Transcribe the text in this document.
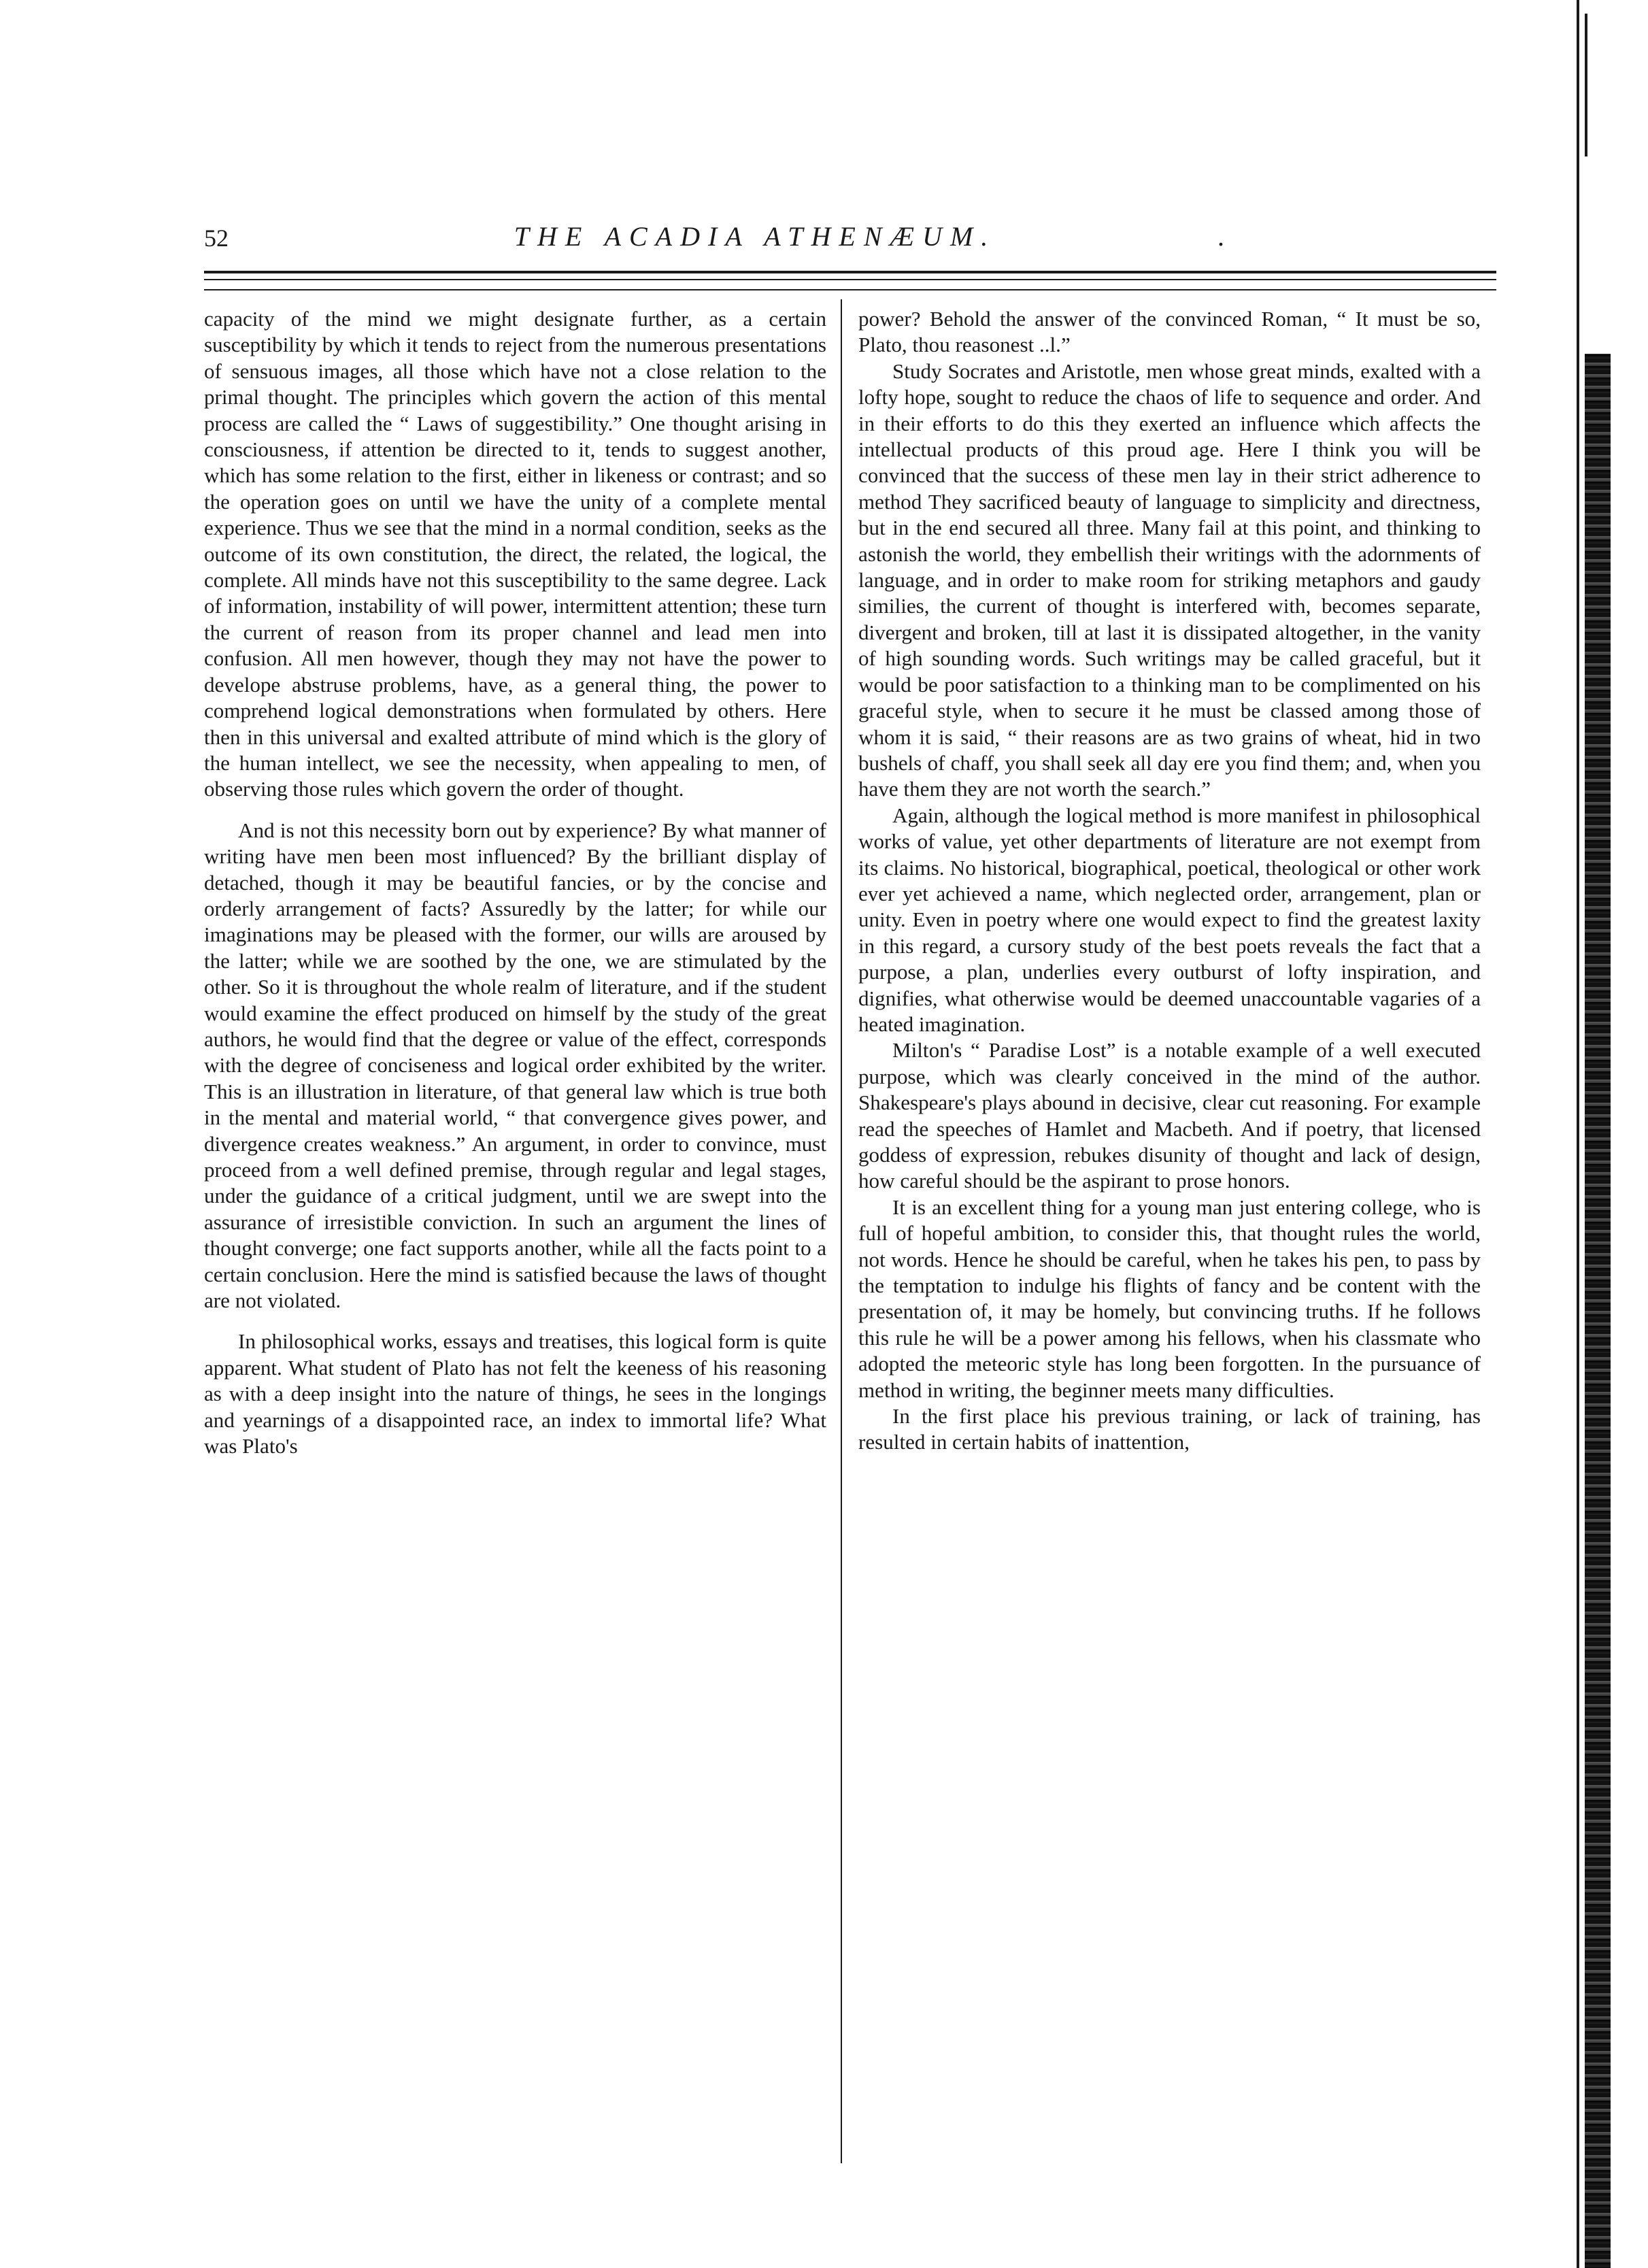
52	THE ACADIA ATHENÆUM.	.

capacity of the mind we might designate further, as a certain susceptibility by which it tends to reject from the numerous presentations of sensuous images, all those which have not a close relation to the primal thought. The principles which govern the action of this mental process are called the “ Laws of suggestibility.” One thought arising in consciousness, if attention be directed to it, tends to suggest another, which has some relation to the first, either in likeness or contrast; and so the operation goes on until we have the unity of a complete mental experience. Thus we see that the mind in a normal condition, seeks as the outcome of its own constitution, the direct, the related, the logical, the complete. All minds have not this susceptibility to the same degree. Lack of information, instability of will power, intermittent attention; these turn the current of reason from its proper channel and lead men into confusion. All men however, though they may not have the power to develope abstruse problems, have, as a general thing, the power to comprehend logical demonstrations when formulated by others. Here then in this universal and exalted attribute of mind which is the glory of the human intellect, we see the necessity, when appealing to men, of observing those rules which govern the order of thought.

And is not this necessity born out by experience? By what manner of writing have men been most influenced? By the brilliant display of detached, though it may be beautiful fancies, or by the concise and orderly arrangement of facts? Assuredly by the latter; for while our imaginations may be pleased with the former, our wills are aroused by the latter; while we are soothed by the one, we are stimulated by the other. So it is throughout the whole realm of literature, and if the student would examine the effect produced on himself by the study of the great authors, he would find that the degree or value of the effect, corresponds with the degree of conciseness and logical order exhibited by the writer. This is an illustration in literature, of that general law which is true both in the mental and material world, “ that convergence gives power, and divergence creates weakness.” An argument, in order to convince, must proceed from a well defined premise, through regular and legal stages, under the guidance of a critical judgment, until we are swept into the assurance of irresistible conviction. In such an argument the lines of thought converge; one fact supports another, while all the facts point to a certain conclusion. Here the mind is satisfied because the laws of thought are not violated.

In philosophical works, essays and treatises, this logical form is quite apparent. What student of Plato has not felt the keeness of his reasoning as with a deep insight into the nature of things, he sees in the longings and yearnings of a disappointed race, an index to immortal life? What was Plato's

power? Behold the answer of the convinced Roman, “ It must be so, Plato, thou reasonest ..l.”

Study Socrates and Aristotle, men whose great minds, exalted with a lofty hope, sought to reduce the chaos of life to sequence and order. And in their efforts to do this they exerted an influence which affects the intellectual products of this proud age. Here I think you will be convinced that the success of these men lay in their strict adherence to method They sacrificed beauty of language to simplicity and directness, but in the end secured all three. Many fail at this point, and thinking to astonish the world, they embellish their writings with the adornments of language, and in order to make room for striking metaphors and gaudy similies, the current of thought is interfered with, becomes separate, divergent and broken, till at last it is dissipated altogether, in the vanity of high sounding words. Such writings may be called graceful, but it would be poor satisfaction to a thinking man to be complimented on his graceful style, when to secure it he must be classed among those of whom it is said, “ their reasons are as two grains of wheat, hid in two bushels of chaff, you shall seek all day ere you find them; and, when you have them they are not worth the search.”

Again, although the logical method is more manifest in philosophical works of value, yet other departments of literature are not exempt from its claims. No historical, biographical, poetical, theological or other work ever yet achieved a name, which neglected order, arrangement, plan or unity. Even in poetry where one would expect to find the greatest laxity in this regard, a cursory study of the best poets reveals the fact that a purpose, a plan, underlies every outburst of lofty inspiration, and dignifies, what otherwise would be deemed unaccountable vagaries of a heated imagination.

Milton's “ Paradise Lost” is a notable example of a well executed purpose, which was clearly conceived in the mind of the author. Shakespeare's plays abound in decisive, clear cut reasoning. For example read the speeches of Hamlet and Macbeth. And if poetry, that licensed goddess of expression, rebukes disunity of thought and lack of design, how careful should be the aspirant to prose honors.

It is an excellent thing for a young man just entering college, who is full of hopeful ambition, to consider this, that thought rules the world, not words. Hence he should be careful, when he takes his pen, to pass by the temptation to indulge his flights of fancy and be content with the presentation of, it may be homely, but convincing truths. If he follows this rule he will be a power among his fellows, when his classmate who adopted the meteoric style has long been forgotten. In the pursuance of method in writing, the beginner meets many difficulties.

In the first place his previous training, or lack of training, has resulted in certain habits of inattention,
